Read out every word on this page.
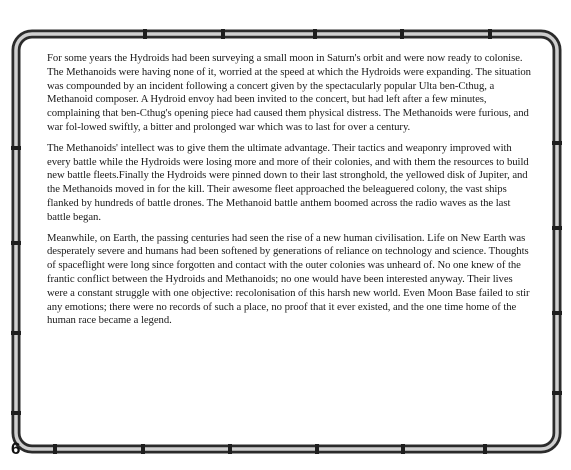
For some years the Hydroids had been surveying a small moon in Saturn's orbit and were now ready to colonise. The Methanoids were having none of it, worried at the speed at which the Hydroids were expanding. The situation was compounded by an incident following a concert given by the spectacularly popular Ulta ben-Cthug, a Methanoid composer. A Hydroid envoy had been invited to the concert, but had left after a few minutes, complaining that ben-Cthug's opening piece had caused them physical distress. The Methanoids were furious, and war fol-lowed swiftly, a bitter and prolonged war which was to last for over a century.

The Methanoids' intellect was to give them the ultimate advantage. Their tactics and weaponry improved with every battle while the Hydroids were losing more and more of their colonies, and with them the resources to build new battle fleets.Finally the Hydroids were pinned down to their last stronghold, the yellowed disk of Jupiter, and the Methanoids moved in for the kill. Their awesome fleet approached the beleaguered colony, the vast ships flanked by hundreds of battle drones. The Methanoid battle anthem boomed across the radio waves as the last battle began.

Meanwhile, on Earth, the passing centuries had seen the rise of a new human civilisation. Life on New Earth was desperately severe and humans had been softened by generations of reliance on technology and science. Thoughts of spaceflight were long since forgotten and contact with the outer colonies was unheard of. No one knew of the frantic conflict between the Hydroids and Methanoids; no one would have been interested anyway. Their lives were a constant struggle with one objective: recolonisation of this harsh new world. Even Moon Base failed to stir any emotions; there were no records of such a place, no proof that it ever existed, and the one time home of the human race became a legend.

6
